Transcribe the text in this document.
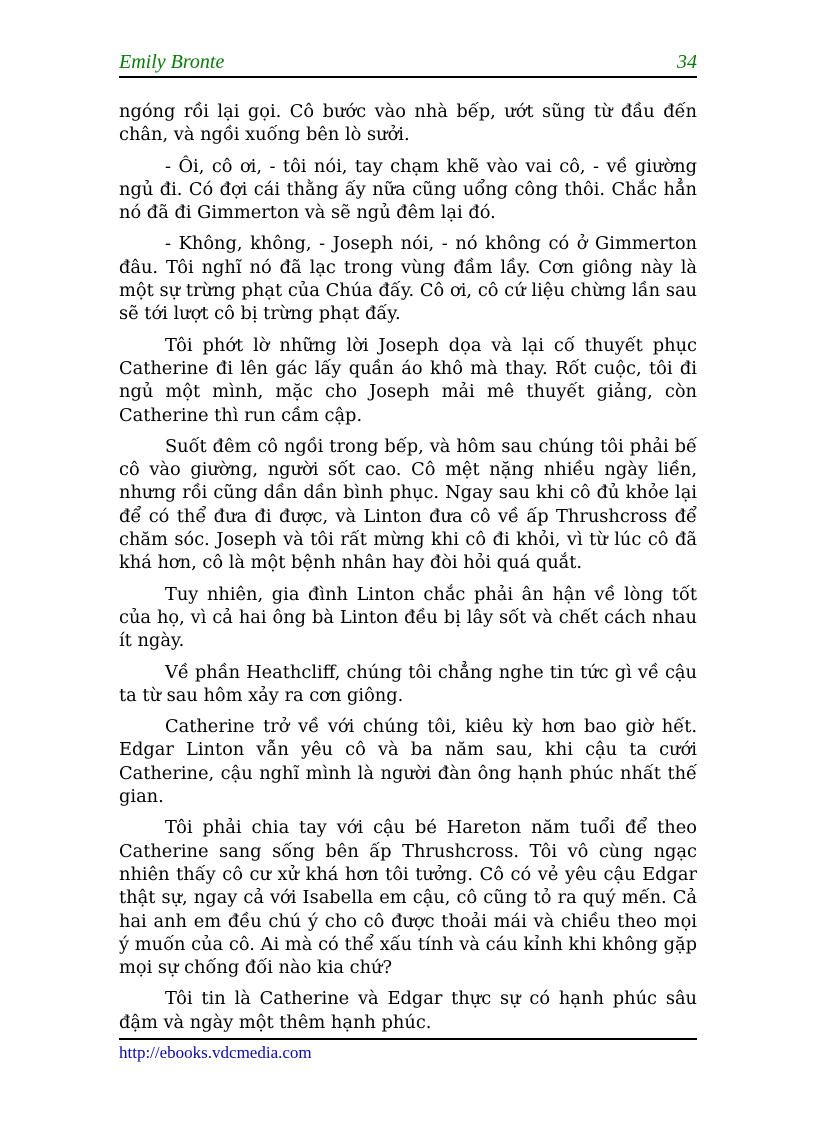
Emily Bronte	34

ngóng rồi lại gọi. Cô bước vào nhà bếp, ướt sũng từ đầu đến chân, và ngồi xuống bên lò sưởi.

- Ôi, cô ơi, - tôi nói, tay chạm khẽ vào vai cô, - về giường ngủ đi. Có đợi cái thằng ấy nữa cũng uổng công thôi. Chắc hẳn nó đã đi Gimmerton và sẽ ngủ đêm lại đó.

- Không, không, - Joseph nói, - nó không có ở Gimmerton đâu. Tôi nghĩ nó đã lạc trong vùng đầm lầy. Cơn giông này là một sự trừng phạt của Chúa đấy. Cô ơi, cô cứ liệu chừng lần sau sẽ tới lượt cô bị trừng phạt đấy.

Tôi phớt lờ những lời Joseph dọa và lại cố thuyết phục Catherine đi lên gác lấy quần áo khô mà thay. Rốt cuộc, tôi đi ngủ một mình, mặc cho Joseph mải mê thuyết giảng, còn Catherine thì run cầm cập.

Suốt đêm cô ngồi trong bếp, và hôm sau chúng tôi phải bế cô vào giường, người sốt cao. Cô mệt nặng nhiều ngày liền, nhưng rồi cũng dần dần bình phục. Ngay sau khi cô đủ khỏe lại để có thể đưa đi được, và Linton đưa cô về ấp Thrushcross để chăm sóc. Joseph và tôi rất mừng khi cô đi khỏi, vì từ lúc cô đã khá hơn, cô là một bệnh nhân hay đòi hỏi quá quắt.

Tuy nhiên, gia đình Linton chắc phải ân hận về lòng tốt của họ, vì cả hai ông bà Linton đều bị lây sốt và chết cách nhau ít ngày.

Về phần Heathcliff, chúng tôi chẳng nghe tin tức gì về cậu ta từ sau hôm xảy ra cơn giông.

Catherine trở về với chúng tôi, kiêu kỳ hơn bao giờ hết. Edgar Linton vẫn yêu cô và ba năm sau, khi cậu ta cưới Catherine, cậu nghĩ mình là người đàn ông hạnh phúc nhất thế gian.

Tôi phải chia tay với cậu bé Hareton năm tuổi để theo Catherine sang sống bên ấp Thrushcross. Tôi vô cùng ngạc nhiên thấy cô cư xử khá hơn tôi tưởng. Cô có vẻ yêu cậu Edgar thật sự, ngay cả với Isabella em cậu, cô cũng tỏ ra quý mến. Cả hai anh em đều chú ý cho cô được thoải mái và chiều theo mọi ý muốn của cô. Ai mà có thể xấu tính và cáu kỉnh khi không gặp mọi sự chống đối nào kia chứ?

Tôi tin là Catherine và Edgar thực sự có hạnh phúc sâu đậm và ngày một thêm hạnh phúc.

http://ebooks.vdcmedia.com
